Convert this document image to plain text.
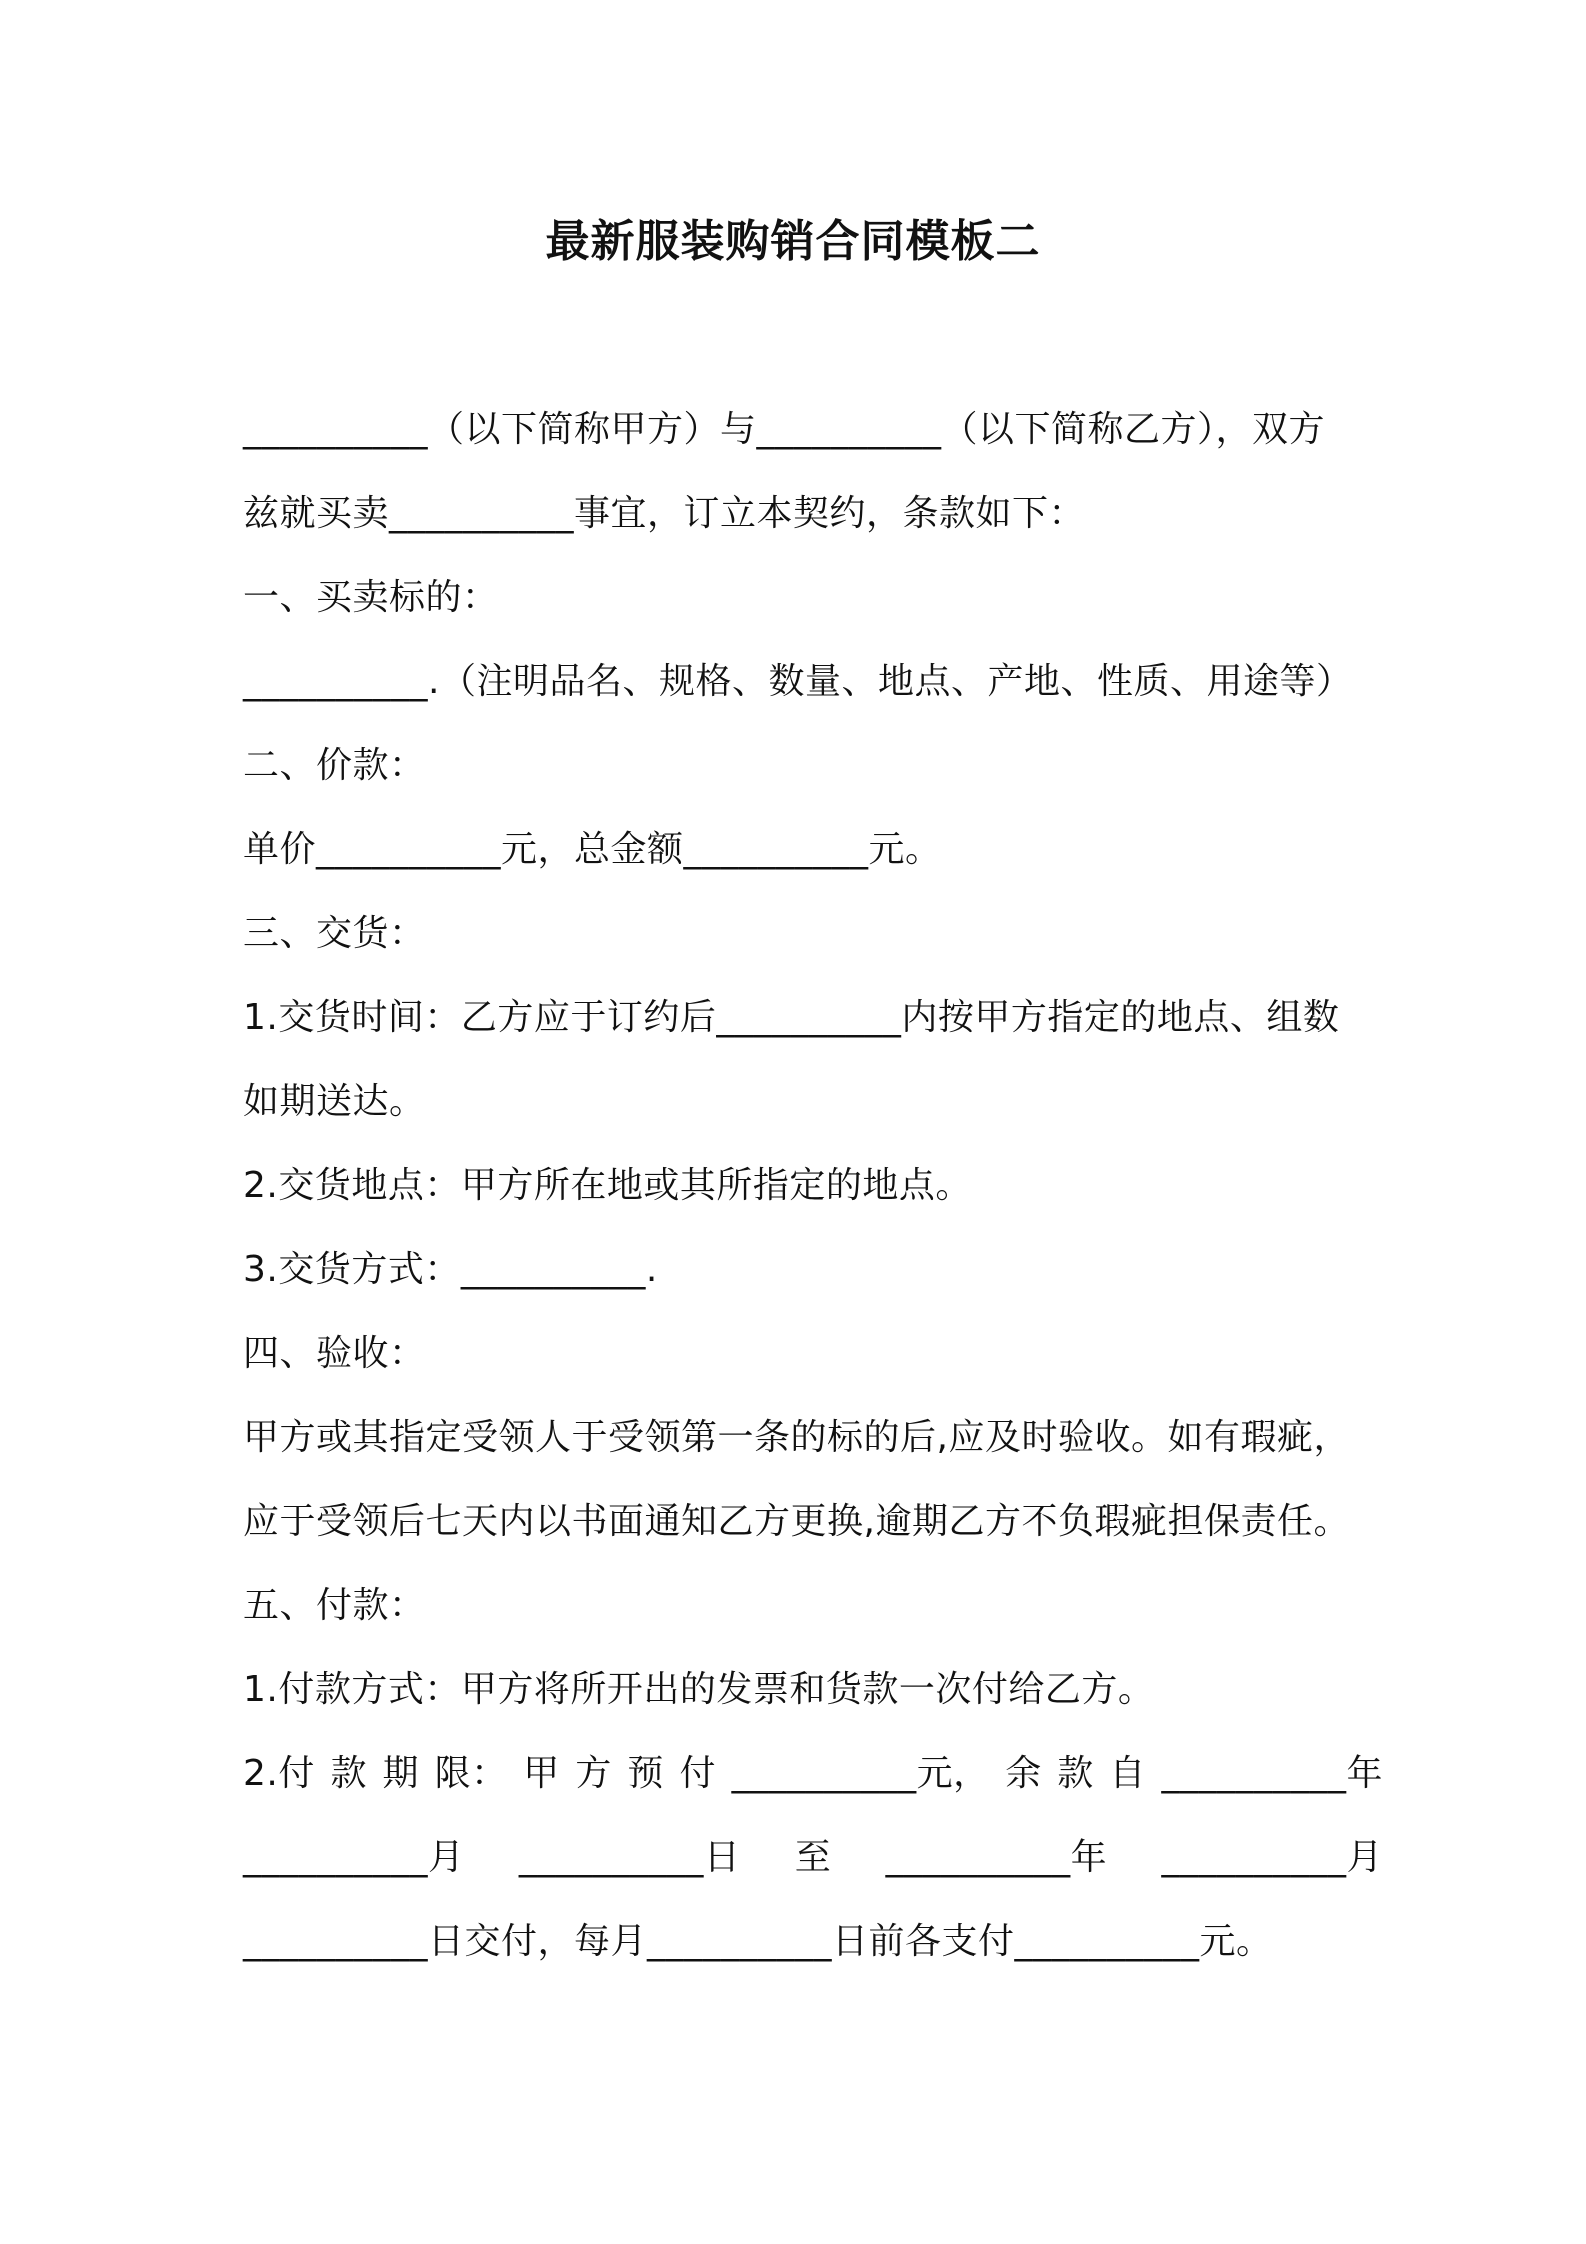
最新服装购销合同模板二
__________（以下简称甲方）与__________（以下简称乙方），双方
兹就买卖__________事宜，订立本契约，条款如下：
一、买卖标的：
__________.（注明品名、规格、数量、地点、产地、性质、用途等）
二、价款：
单价__________元，总金额__________元。
三、交货：
1.交货时间：乙方应于订约后__________内按甲方指定的地点、组数
如期送达。
2.交货地点：甲方所在地或其所指定的地点。
3.交货方式：__________.
四、验收：
甲方或其指定受领人于受领第一条的标的后,应及时验收。如有瑕疵，
应于受领后七天内以书面通知乙方更换,逾期乙方不负瑕疵担保责任。
五、付款：
1.付款方式：甲方将所开出的发票和货款一次付给乙方。
2.付 款 期 限： 甲 方 预 付 __________元， 余 款 自 __________年
__________月 __________日 至 __________年 __________月
__________日交付，每月__________日前各支付__________元。
